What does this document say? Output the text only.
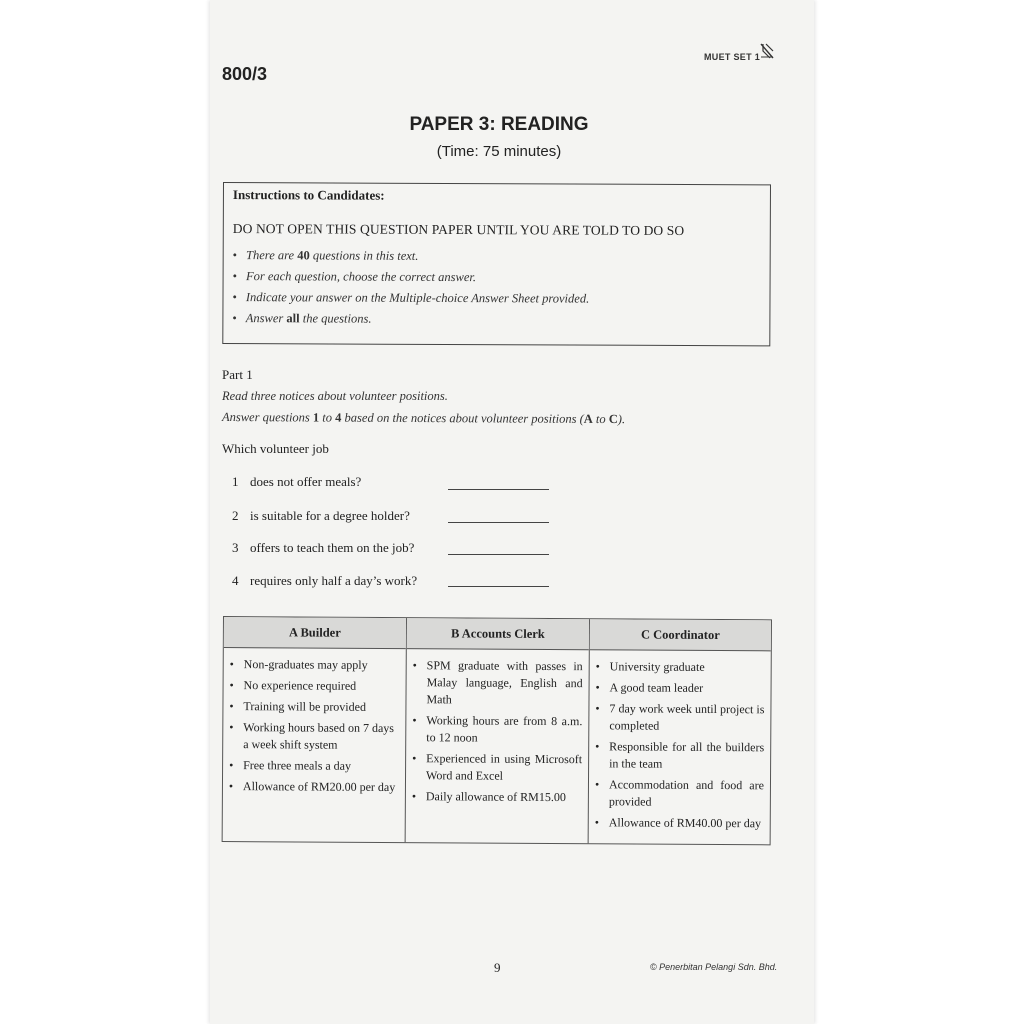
MUET SET 1
800/3
PAPER 3: READING
(Time: 75 minutes)
Instructions to Candidates:
DO NOT OPEN THIS QUESTION PAPER UNTIL YOU ARE TOLD TO DO SO
• There are 40 questions in this text.
• For each question, choose the correct answer.
• Indicate your answer on the Multiple-choice Answer Sheet provided.
• Answer all the questions.
Part 1
Read three notices about volunteer positions.
Answer questions 1 to 4 based on the notices about volunteer positions (A to C).
Which volunteer job
1 does not offer meals?
2 is suitable for a degree holder?
3 offers to teach them on the job?
4 requires only half a day’s work?
A Builder
• Non-graduates may apply
• No experience required
• Training will be provided
• Working hours based on 7 days a week shift system
• Free three meals a day
• Allowance of RM20.00 per day
B Accounts Clerk
• SPM graduate with passes in Malay language, English and Math
• Working hours are from 8 a.m. to 12 noon
• Experienced in using Microsoft Word and Excel
• Daily allowance of RM15.00
C Coordinator
• University graduate
• A good team leader
• 7 day work week until project is completed
• Responsible for all the builders in the team
• Accommodation and food are provided
• Allowance of RM40.00 per day
9	© Penerbitan Pelangi Sdn. Bhd.
